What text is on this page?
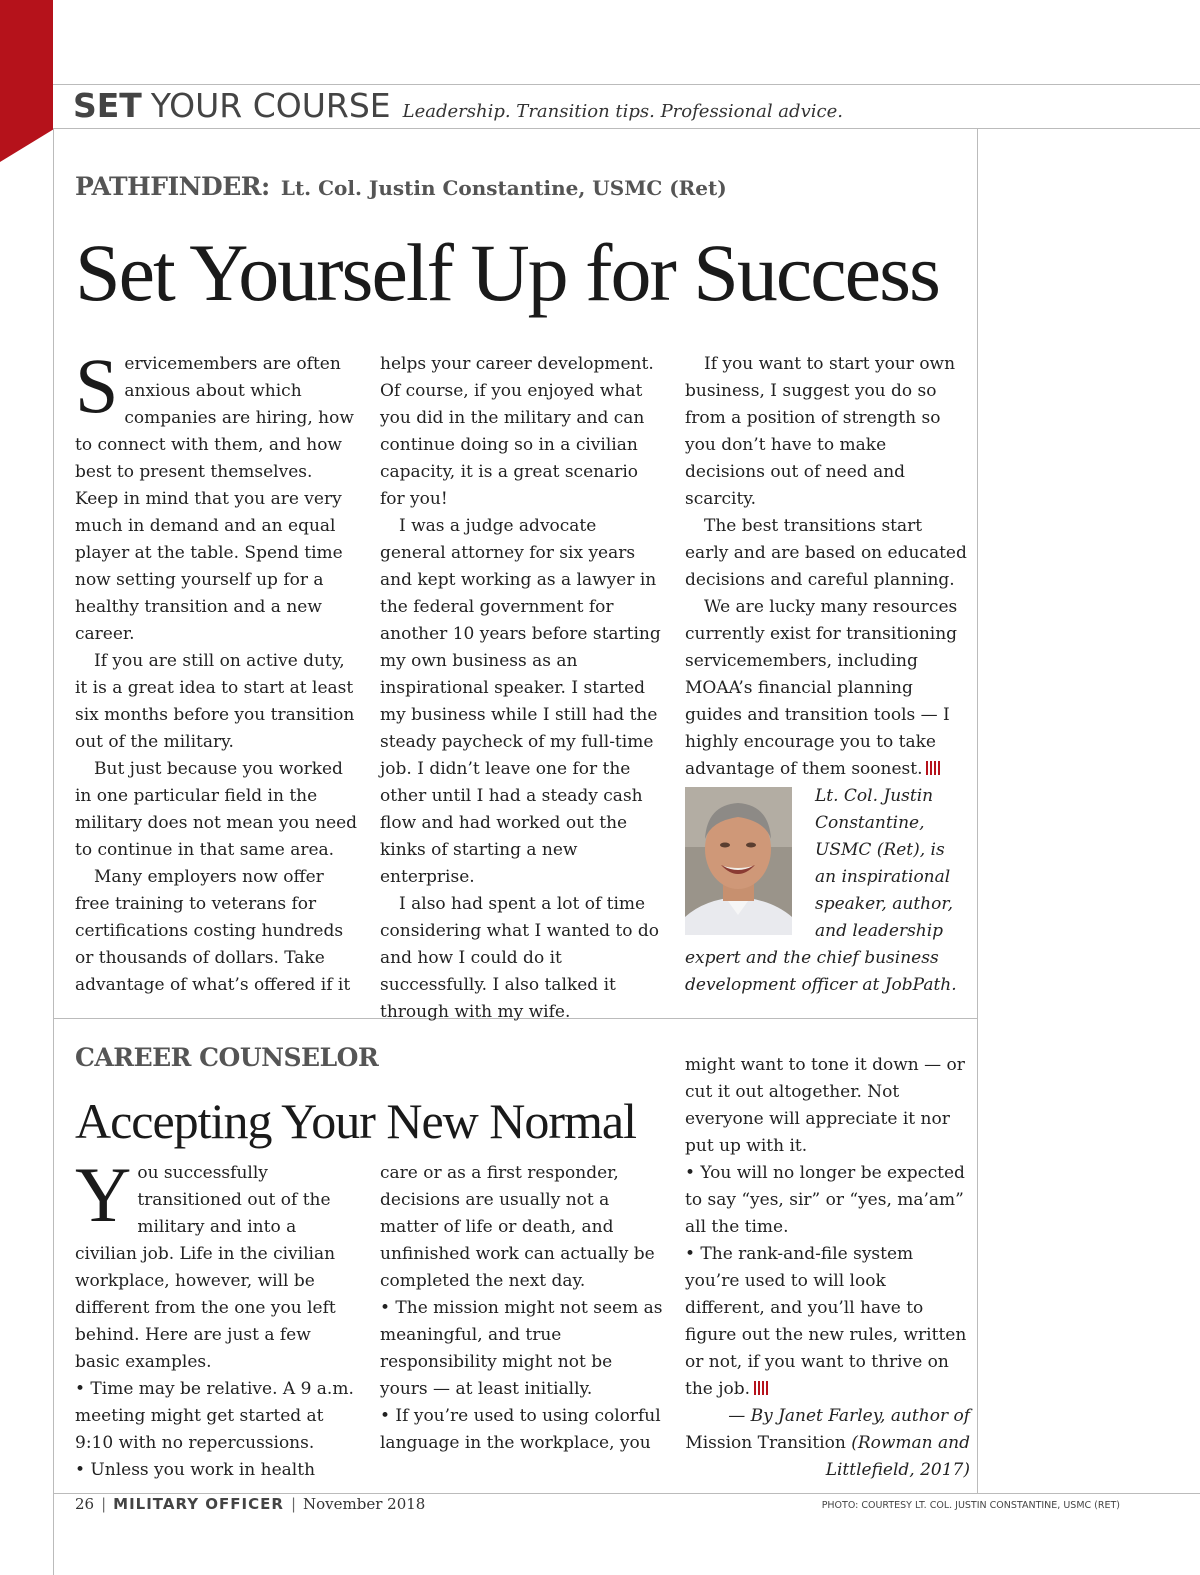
SET YOUR COURSE Leadership. Transition tips. Professional advice.
PATHFINDER: Lt. Col. Justin Constantine, USMC (Ret)
Set Yourself Up for Success

Servicemembers are often anxious about which companies are hiring, how to connect with them, and how best to present themselves. Keep in mind that you are very much in demand and an equal player at the table. Spend time now setting yourself up for a healthy transition and a new career.

If you are still on active duty, it is a great idea to start at least six months before you transition out of the military.

But just because you worked in one particular field in the military does not mean you need to continue in that same area.

Many employers now offer free training to veterans for certifications costing hundreds or thousands of dollars. Take advantage of what’s offered if it

helps your career development. Of course, if you enjoyed what you did in the military and can continue doing so in a civilian capacity, it is a great scenario for you!

I was a judge advocate general attorney for six years and kept working as a lawyer in the federal government for another 10 years before starting my own business as an inspirational speaker. I started my business while I still had the steady paycheck of my full-time job. I didn’t leave one for the other until I had a steady cash flow and had worked out the kinks of starting a new enterprise.

I also had spent a lot of time considering what I wanted to do and how I could do it successfully. I also talked it through with my wife.

If you want to start your own business, I suggest you do so from a position of strength so you don’t have to make decisions out of need and scarcity.

The best transitions start early and are based on educated decisions and careful planning.

We are lucky many resources currently exist for transitioning servicemembers, including MOAA’s financial planning guides and transition tools — I highly encourage you to take advantage of them soonest.

Lt. Col. Justin Constantine, USMC (Ret), is an inspirational speaker, author, and leadership expert and the chief business development officer at JobPath.

CAREER COUNSELOR
Accepting Your New Normal

You successfully transitioned out of the military and into a civilian job. Life in the civilian workplace, however, will be different from the one you left behind. Here are just a few basic examples.

• Time may be relative. A 9 a.m. meeting might get started at 9:10 with no repercussions.

• Unless you work in health

care or as a first responder, decisions are usually not a matter of life or death, and unfinished work can actually be completed the next day.

• The mission might not seem as meaningful, and true responsibility might not be yours — at least initially.

• If you’re used to using colorful language in the workplace, you

might want to tone it down — or cut it out altogether. Not everyone will appreciate it nor put up with it.

• You will no longer be expected to say “yes, sir” or “yes, ma’am” all the time.

• The rank-and-file system you’re used to will look different, and you’ll have to figure out the new rules, written or not, if you want to thrive on the job.

— By Janet Farley, author of
Mission Transition (Rowman and Littlefield, 2017)

26 | MILITARY OFFICER | November 2018	PHOTO: COURTESY LT. COL. JUSTIN CONSTANTINE, USMC (RET)
